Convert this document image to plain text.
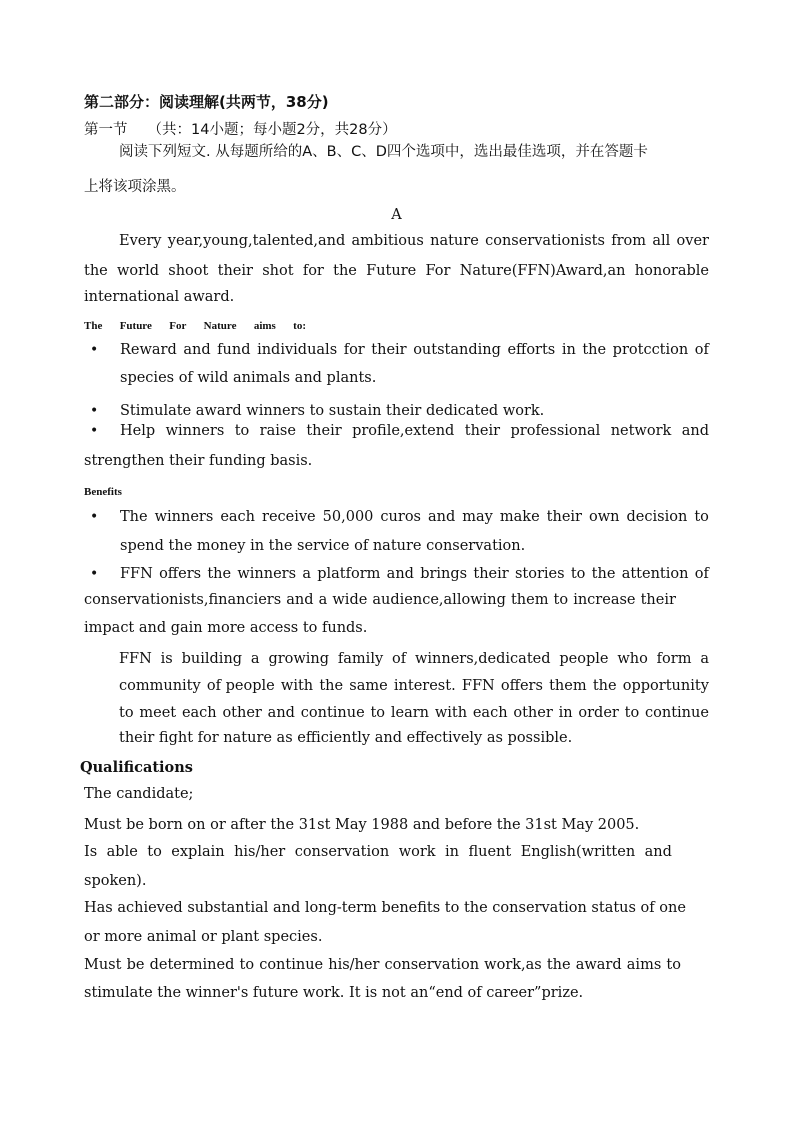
第二部分：阅读理解(共两节，38分)
第一节 （共：14小题；每小题2分，共28分）
阅读下列短文. 从每题所给的A、B、C、D四个选项中，选出最佳选项，并在答题卡
上将该项涂黑。
A
Every year,young,talented,and ambitious nature conservationists from all over
the world shoot their shot for the Future For Nature(FFN)Award,an honorable
international award.
The Future For Nature aims to:
• Reward and fund individuals for their outstanding efforts in the protcction of
species of wild animals and plants.
• Stimulate award winners to sustain their dedicated work.
• Help winners to raise their profile,extend their professional network and
strengthen their funding basis.
Benefits
• The winners each receive 50,000 curos and may make their own decision to
spend the money in the service of nature conservation.
• FFN offers the winners a platform and brings their stories to the attention of
conservationists,financiers and a wide audience,allowing them to increase their
impact and gain more access to funds.
FFN is building a growing family of winners,dedicated people who form a
community of people with the same interest. FFN offers them the opportunity
to meet each other and continue to learn with each other in order to continue
their fight for nature as efficiently and effectively as possible.
Qualifications
The candidate;
Must be born on or after the 31st May 1988 and before the 31st May 2005.
Is able to explain his/her conservation work in fluent English(written and
spoken).
Has achieved substantial and long-term benefits to the conservation status of one
or more animal or plant species.
Must be determined to continue his/her conservation work,as the award aims to
stimulate the winner's future work. It is not an“end of career”prize.
